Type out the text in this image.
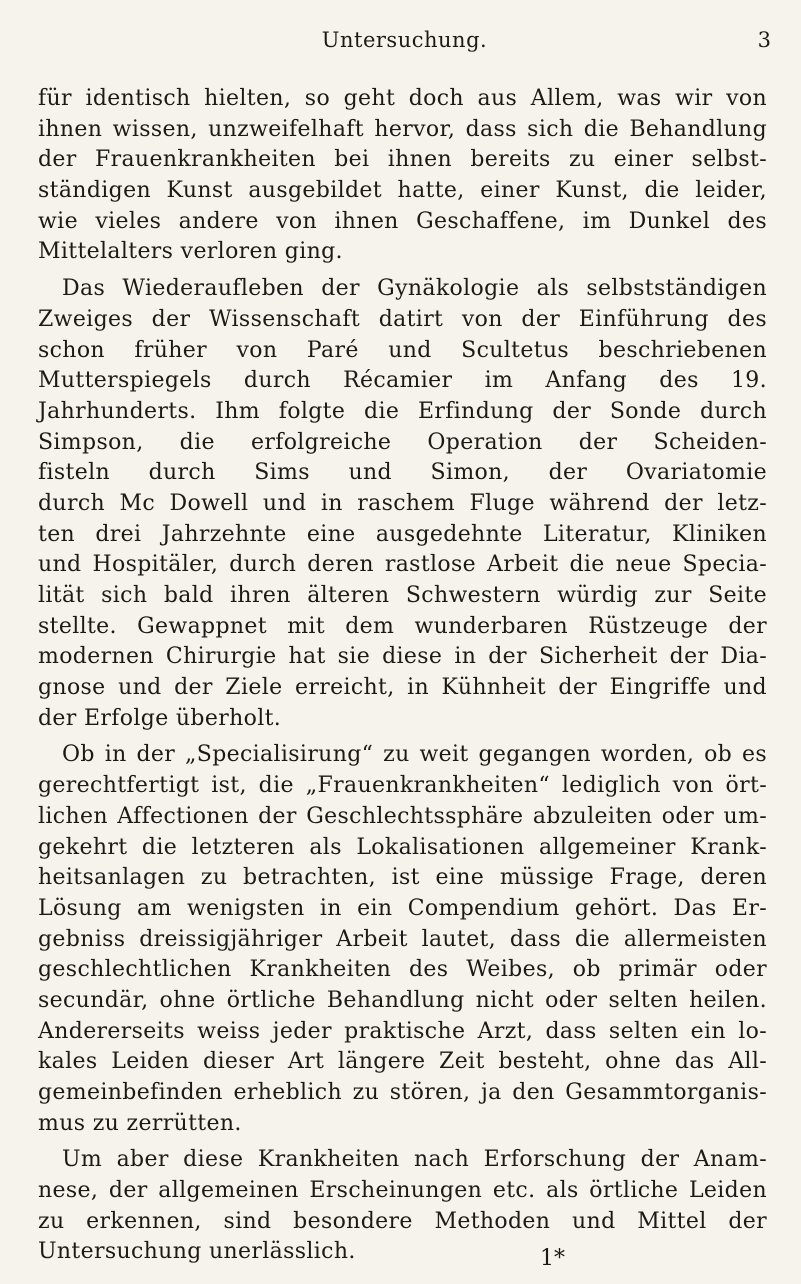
Untersuchung.	3
für identisch hielten, so geht doch aus Allem, was wir von
ihnen wissen, unzweifelhaft hervor, dass sich die Behandlung
der Frauenkrankheiten bei ihnen bereits zu einer selbst-
ständigen Kunst ausgebildet hatte, einer Kunst, die leider,
wie vieles andere von ihnen Geschaffene, im Dunkel des
Mittelalters verloren ging.
Das Wiederaufleben der Gynäkologie als selbstständigen
Zweiges der Wissenschaft datirt von der Einführung des
schon früher von Paré und Scultetus beschriebenen
Mutterspiegels durch Récamier im Anfang des 19.
Jahrhunderts. Ihm folgte die Erfindung der Sonde durch
Simpson, die erfolgreiche Operation der Scheiden-
fisteln durch Sims und Simon, der Ovariatomie
durch Mc Dowell und in raschem Fluge während der letz-
ten drei Jahrzehnte eine ausgedehnte Literatur, Kliniken
und Hospitäler, durch deren rastlose Arbeit die neue Specia-
lität sich bald ihren älteren Schwestern würdig zur Seite
stellte. Gewappnet mit dem wunderbaren Rüstzeuge der
modernen Chirurgie hat sie diese in der Sicherheit der Dia-
gnose und der Ziele erreicht, in Kühnheit der Eingriffe und
der Erfolge überholt.
Ob in der „Specialisirung“ zu weit gegangen worden, ob es
gerechtfertigt ist, die „Frauenkrankheiten“ lediglich von ört-
lichen Affectionen der Geschlechtssphäre abzuleiten oder um-
gekehrt die letzteren als Lokalisationen allgemeiner Krank-
heitsanlagen zu betrachten, ist eine müssige Frage, deren
Lösung am wenigsten in ein Compendium gehört. Das Er-
gebniss dreissigjähriger Arbeit lautet, dass die allermeisten
geschlechtlichen Krankheiten des Weibes, ob primär oder
secundär, ohne örtliche Behandlung nicht oder selten heilen.
Andererseits weiss jeder praktische Arzt, dass selten ein lo-
kales Leiden dieser Art längere Zeit besteht, ohne das All-
gemeinbefinden erheblich zu stören, ja den Gesammtorganis-
mus zu zerrütten.
Um aber diese Krankheiten nach Erforschung der Anam-
nese, der allgemeinen Erscheinungen etc. als örtliche Leiden
zu erkennen, sind besondere Methoden und Mittel der
Untersuchung unerlässlich.	1*
